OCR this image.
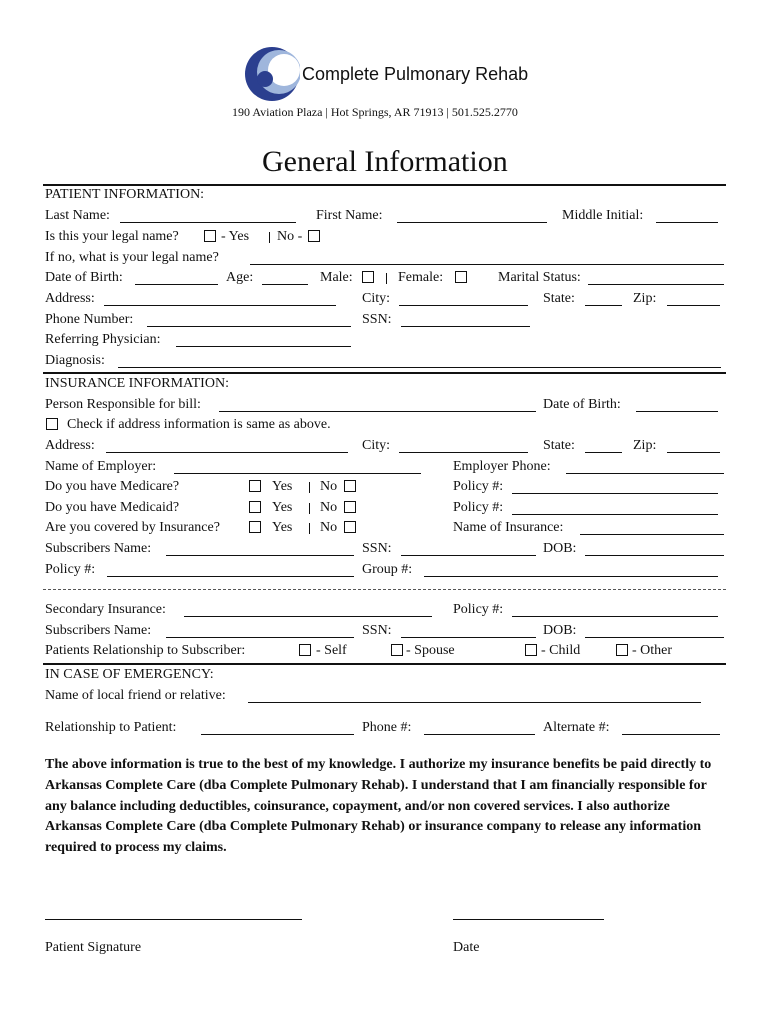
Complete Pulmonary Rehab
190 Aviation Plaza | Hot Springs, AR 71913 | 501.525.2770
General Information
PATIENT INFORMATION:
Last Name:	First Name:	Middle Initial:
Is this your legal name?	- Yes No -
If no, what is your legal name?
Date of Birth:	Age:	Male:	Female:	Marital Status:
Address:	City:	State:	Zip:
Phone Number:	SSN:
Referring Physician:
Diagnosis:
INSURANCE INFORMATION:
Person Responsible for bill:	Date of Birth:
Check if address information is same as above.
Address:	City:	State:	Zip:
Name of Employer:	Employer Phone:
Do you have Medicare?	Yes No	Policy #:
Do you have Medicaid?	Yes No	Policy #:
Are you covered by Insurance?	Yes No	Name of Insurance:
Subscribers Name:	SSN:	DOB:
Policy #:	Group #:
Secondary Insurance:	Policy #:
Subscribers Name:	SSN:	DOB:
Patients Relationship to Subscriber:	- Self	- Spouse	- Child	- Other
IN CASE OF EMERGENCY:
Name of local friend or relative:
Relationship to Patient:	Phone #:	Alternate #:
The above information is true to the best of my knowledge. I authorize my insurance benefits be paid directly to Arkansas Complete Care (dba Complete Pulmonary Rehab). I understand that I am financially responsible for any balance including deductibles, coinsurance, copayment, and/or non covered services. I also authorize Arkansas Complete Care (dba Complete Pulmonary Rehab) or insurance company to release any information required to process my claims.
Patient Signature	Date
